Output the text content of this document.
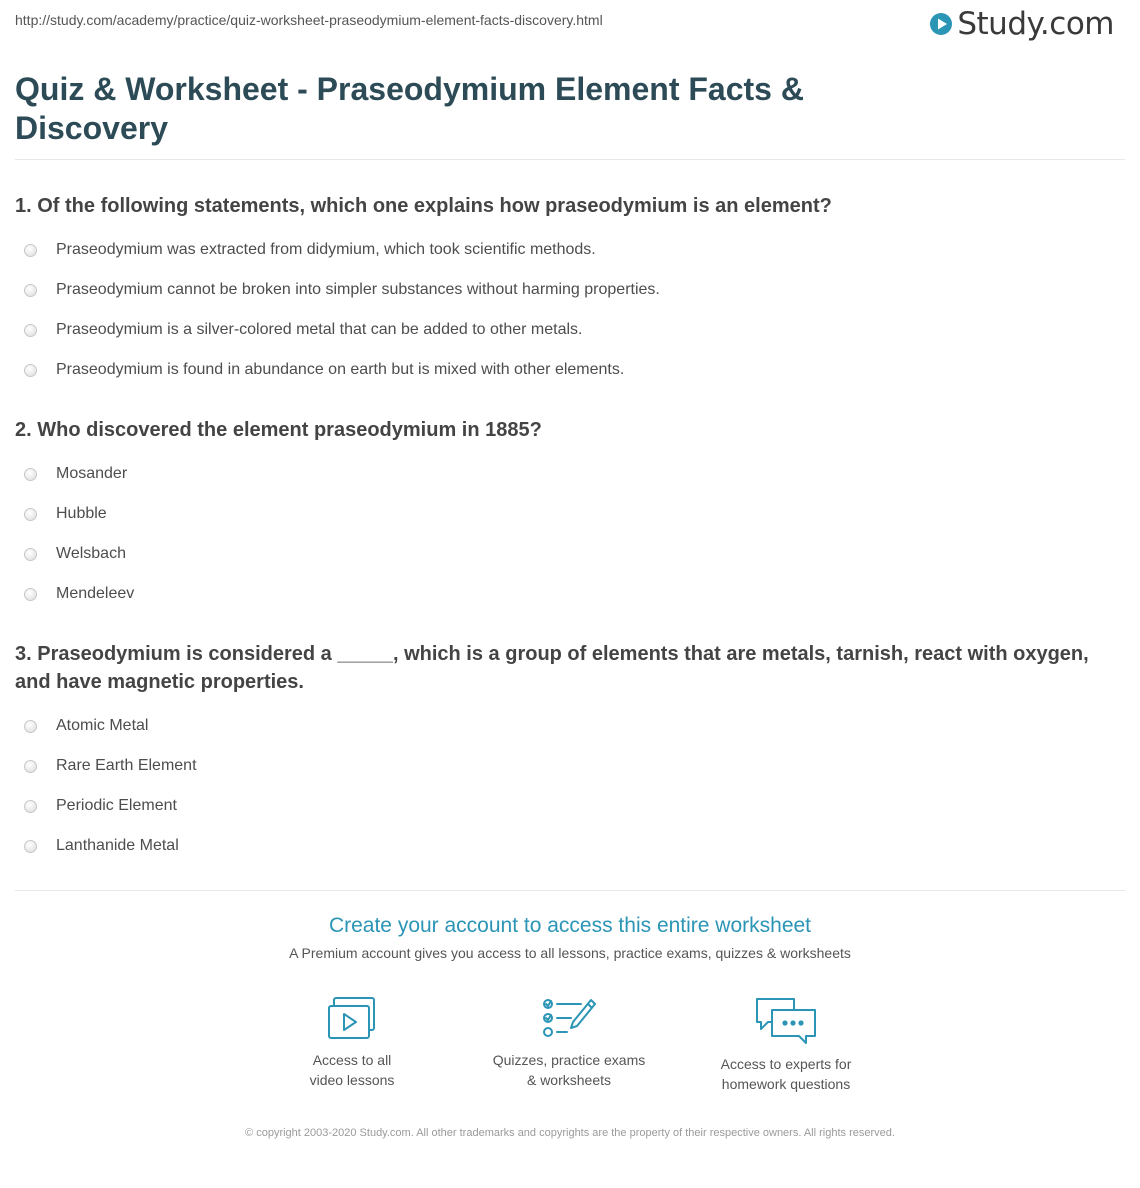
http://study.com/academy/practice/quiz-worksheet-praseodymium-element-facts-discovery.html	Study.com
Quiz & Worksheet - Praseodymium Element Facts & Discovery

1. Of the following statements, which one explains how praseodymium is an element?

Praseodymium was extracted from didymium, which took scientific methods.
Praseodymium cannot be broken into simpler substances without harming properties.
Praseodymium is a silver-colored metal that can be added to other metals.
Praseodymium is found in abundance on earth but is mixed with other elements.

2. Who discovered the element praseodymium in 1885?

Mosander
Hubble
Welsbach
Mendeleev

3. Praseodymium is considered a _____, which is a group of elements that are metals, tarnish, react with oxygen, and have magnetic properties.

Atomic Metal
Rare Earth Element
Periodic Element
Lanthanide Metal
Create your account to access this entire worksheet
A Premium account gives you access to all lessons, practice exams, quizzes & worksheets
Access to all
video lessons
Quizzes, practice exams
& worksheets
Access to experts for
homework questions
© copyright 2003-2020 Study.com. All other trademarks and copyrights are the property of their respective owners. All rights reserved.
